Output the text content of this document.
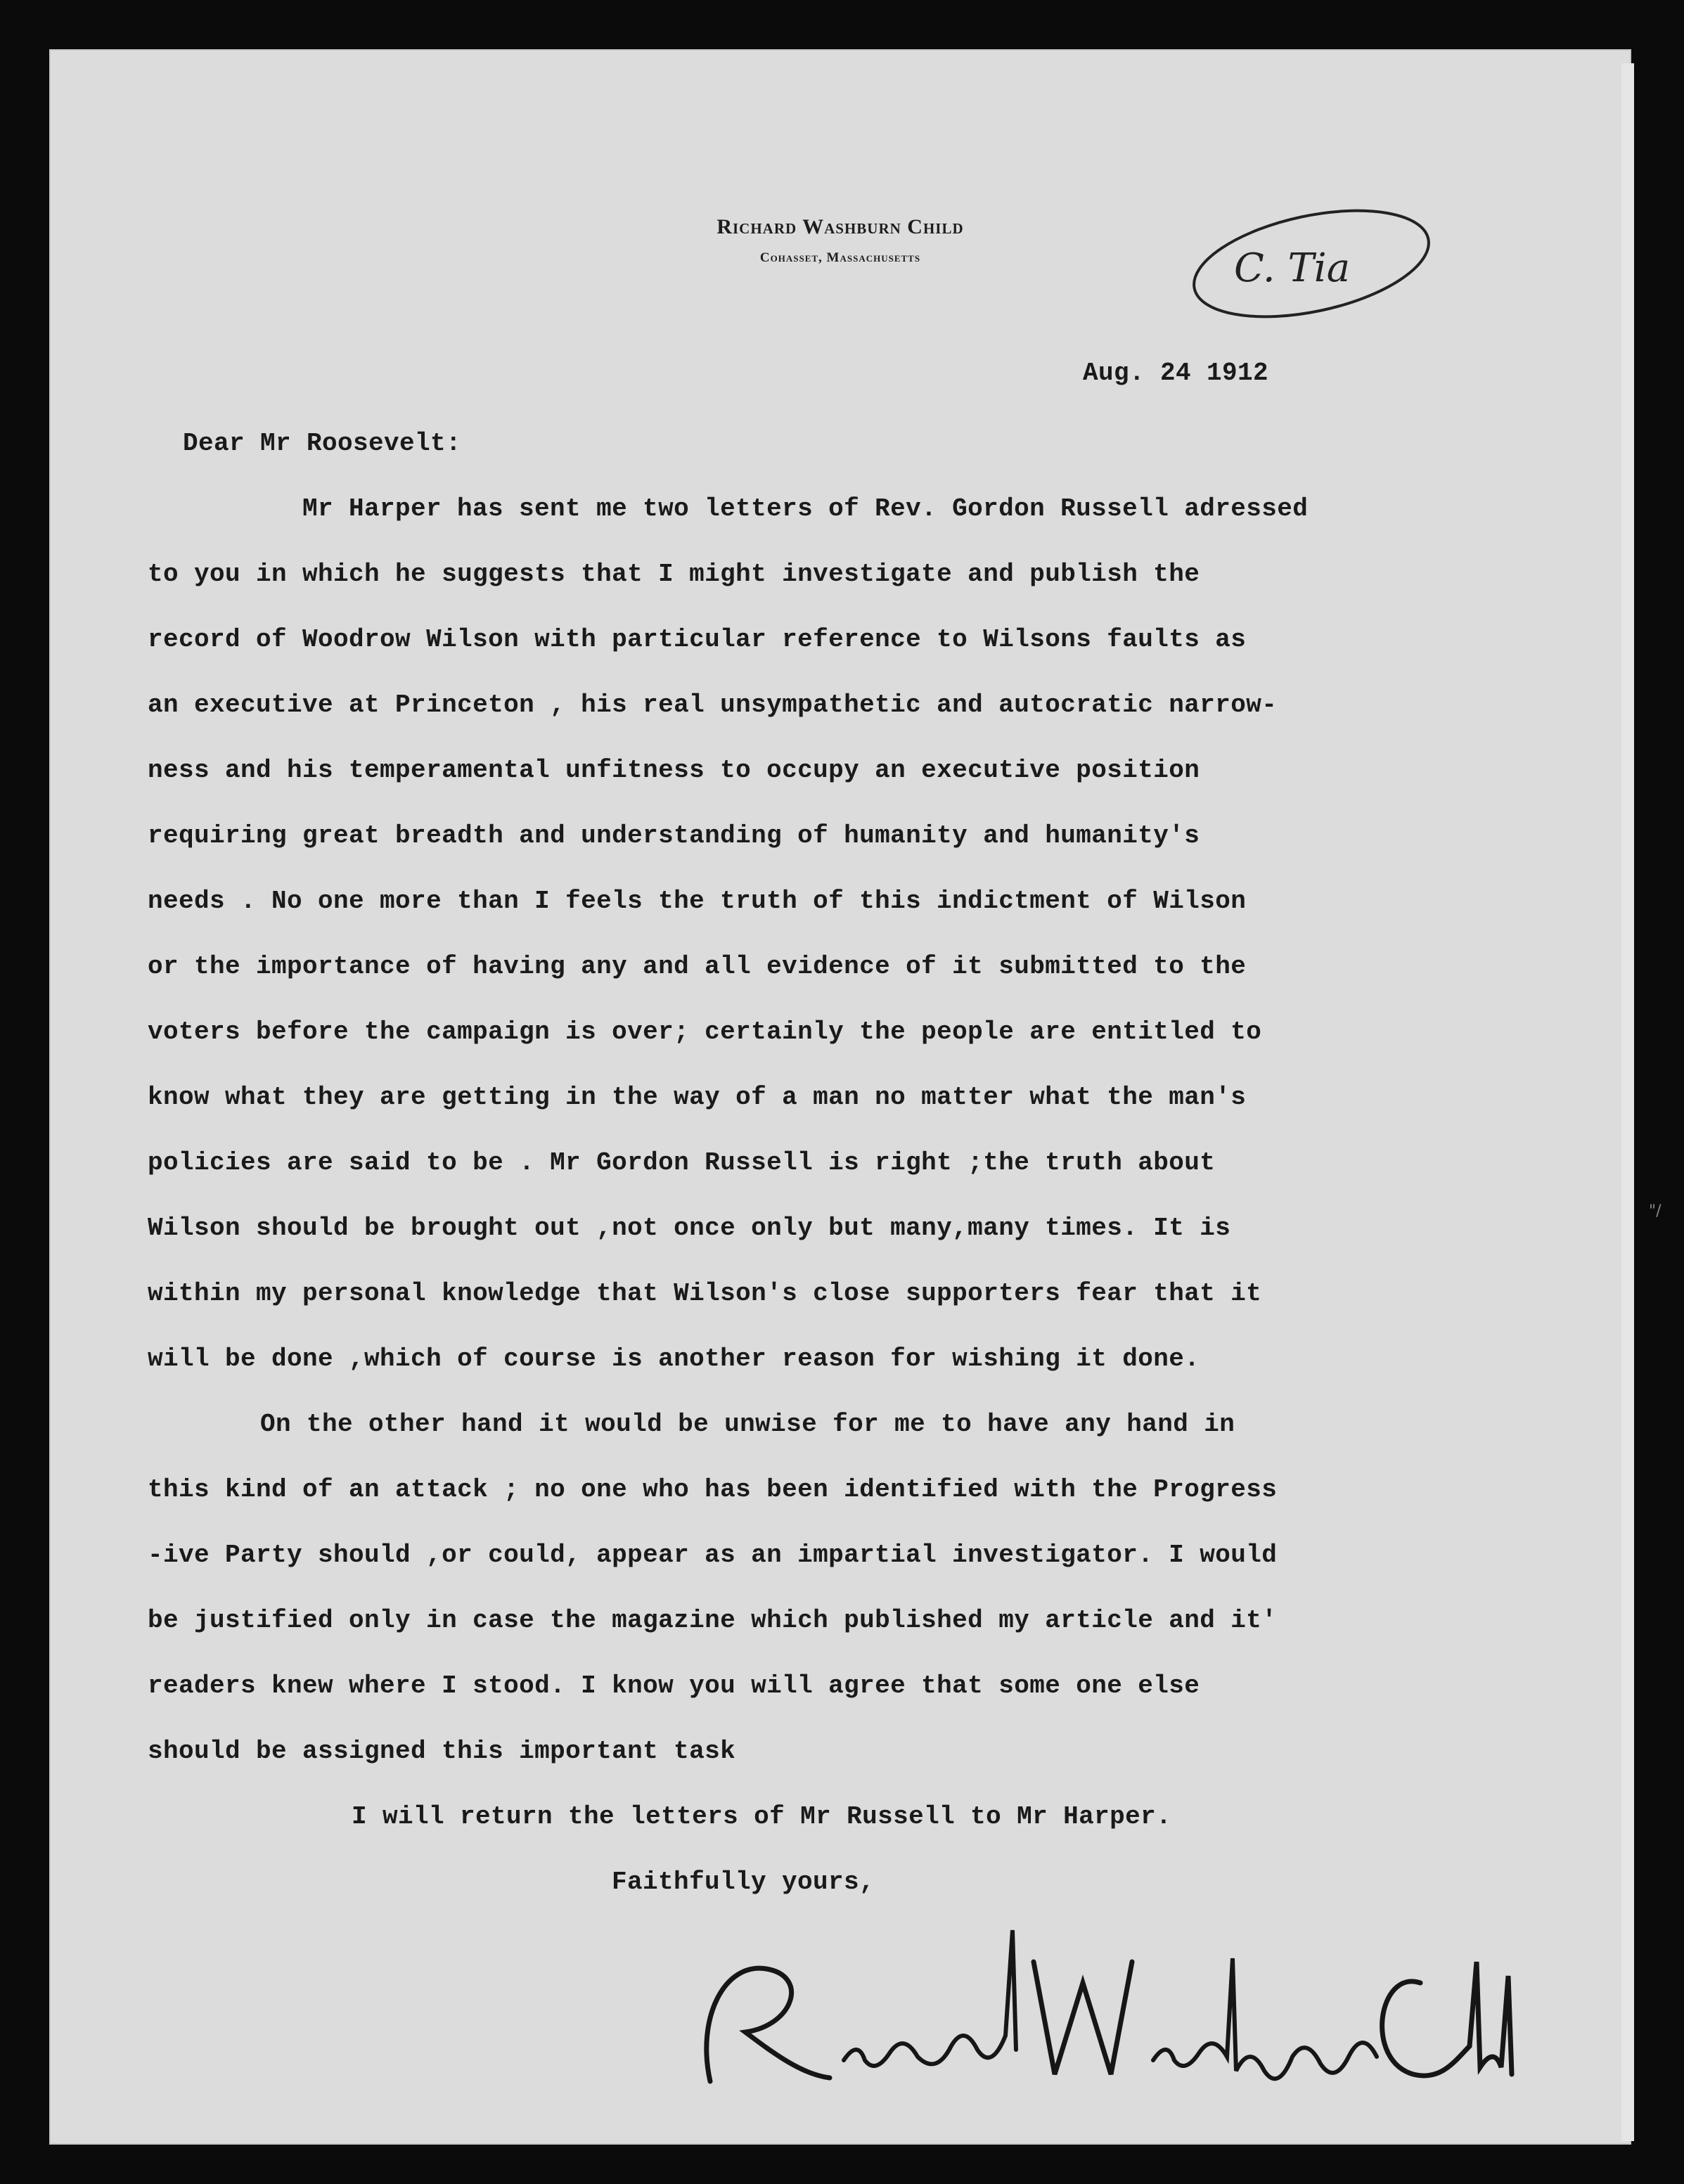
Richard Washburn Child
Cohasset, Massachusetts	C. Tia
Aug. 24 1912
Dear Mr Roosevelt:
Mr Harper has sent me two letters of Rev. Gordon Russell adressed
to you in which he suggests that I might investigate and publish the
record of Woodrow Wilson with particular reference to Wilsons faults as
an executive at Princeton , his real unsympathetic and autocratic narrow-
ness and his temperamental unfitness to occupy an executive position
requiring great breadth and understanding of humanity and humanity's
needs . No one more than I feels the truth of this indictment of Wilson
or the importance of having any and all evidence of it submitted to the
voters before the campaign is over; certainly the people are entitled to
know what they are getting in the way of a man no matter what the man's
policies are said to be . Mr Gordon Russell is right ;the truth about
Wilson should be brought out ,not once only but many,many times. It is
within my personal knowledge that Wilson's close supporters fear that it
will be done ,which of course is another reason for wishing it done.
On the other hand it would be unwise for me to have any hand in
this kind of an attack ; no one who has been identified with the Progress
-ive Party should ,or could, appear as an impartial investigator. I would
be justified only in case the magazine which published my article and it'
readers knew where I stood. I know you will agree that some one else
should be assigned this important task
I will return the letters of Mr Russell to Mr Harper.
Faithfully yours,
"/
